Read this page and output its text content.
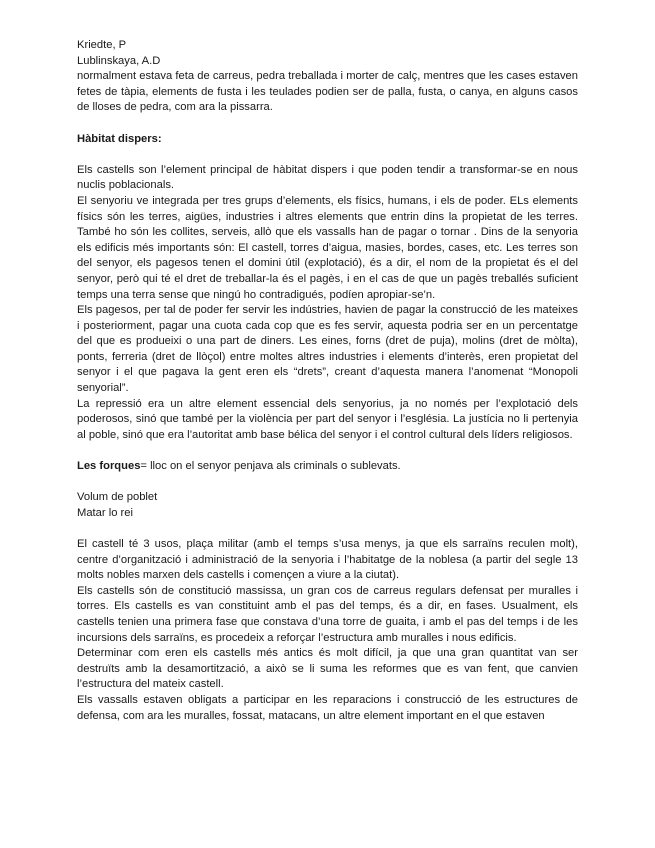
Kriedte, P
Lublinskaya, A.D

normalment estava feta de carreus, pedra treballada i morter de calç, mentres que les cases estaven fetes de tàpia, elements de fusta i les teulades podien ser de palla, fusta, o canya, en alguns casos de lloses de pedra, com ara la pissarra.

Hàbitat dispers:

Els castells son l’element principal de hàbitat dispers i que poden tendir a transformar-se en nous nuclis poblacionals.

El senyoriu ve integrada per tres grups d’elements, els físics, humans, i els de poder. ELs elements físics són les terres, aigües, industries i altres elements que entrin dins la propietat de les terres. També ho són les collites, serveis, allò que els vassalls han de pagar o tornar . Dins de la senyoria els edificis més importants són: El castell, torres d’aigua, masies, bordes, cases, etc. Les terres son del senyor, els pagesos tenen el domini útil (explotació), és a dir, el nom de la propietat és el del senyor, però qui té el dret de treballar-la és el pagès, i en el cas de que un pagès treballés suficient temps una terra sense que ningú ho contradigués, podíen apropiar-se’n.

Els pagesos, per tal de poder fer servir les indústries, havien de pagar la construcció de les mateixes i posteriorment, pagar una cuota cada cop que es fes servir, aquesta podria ser en un percentatge del que es produeixi o una part de diners. Les eines, forns (dret de puja), molins (dret de mòlta), ponts, ferreria (dret de llòçol) entre moltes altres industries i elements d’interès, eren propietat del senyor i el que pagava la gent eren els “drets”, creant d’aquesta manera l’anomenat “Monopoli senyorial”.

La repressió era un altre element essencial dels senyorius, ja no només per l’explotació dels poderosos, sinó que també per la violència per part del senyor i l’església. La justícia no li pertenyia al poble, sinó que era l’autoritat amb base bélica del senyor i el control cultural dels líders religiosos.

Les forques= lloc on el senyor penjava als criminals o sublevats.

Volum de poblet

Matar lo rei

El castell té 3 usos, plaça militar (amb el temps s’usa menys, ja que els sarraïns reculen molt), centre d’organització i administració de la senyoria i l’habitatge de la noblesa (a partir del segle 13 molts nobles marxen dels castells i començen a viure a la ciutat).

Els castells són de constitució massissa, un gran cos de carreus regulars defensat per muralles i torres. Els castells es van constituint amb el pas del temps, és a dir, en fases. Usualment, els castells tenien una primera fase que constava d’una torre de guaita, i amb el pas del temps i de les incursions dels sarraïns, es procedeix a reforçar l’estructura amb muralles i nous edificis.

Determinar com eren els castells més antics és molt difícil, ja que una gran quantitat van ser destruïts amb la desamortització, a això se li suma les reformes que es van fent, que canvien l’estructura del mateix castell.

Els vassalls estaven obligats a participar en les reparacions i construcció de les estructures de defensa, com ara les muralles, fossat, matacans, un altre element important en el que estaven
